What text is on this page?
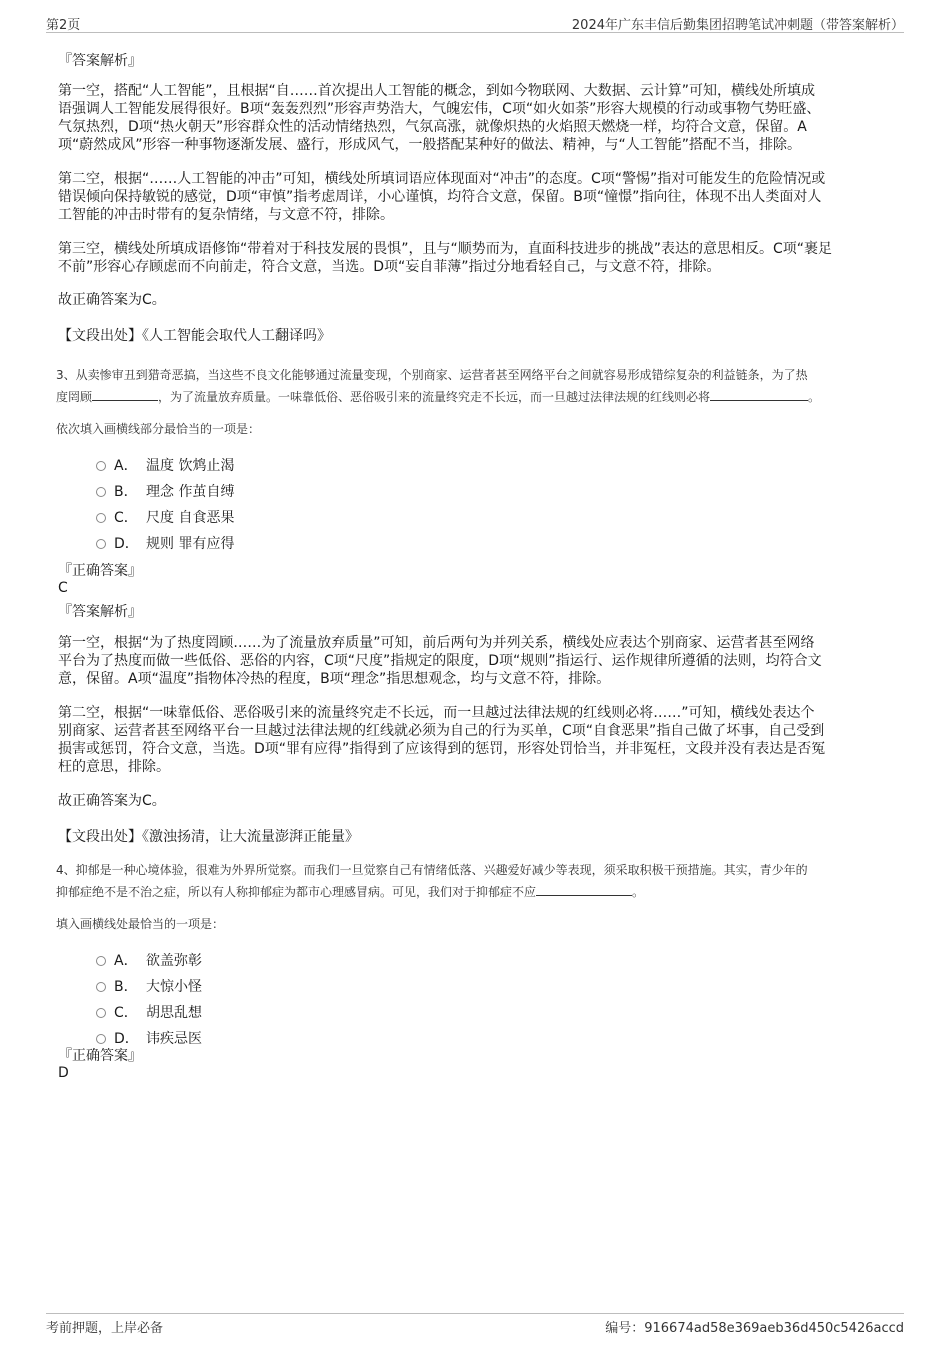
第2页	2024年广东丰信后勤集团招聘笔试冲刺题（带答案解析）
『答案解析』
第一空，搭配“人工智能”，且根据“自……首次提出人工智能的概念，到如今物联网、大数据、云计算”可知，横线处所填成
语强调人工智能发展得很好。B项“轰轰烈烈”形容声势浩大，气魄宏伟，C项“如火如荼”形容大规模的行动或事物气势旺盛、
气氛热烈，D项“热火朝天”形容群众性的活动情绪热烈，气氛高涨，就像炽热的火焰照天燃烧一样，均符合文意，保留。A
项“蔚然成风”形容一种事物逐渐发展、盛行，形成风气，一般搭配某种好的做法、精神，与“人工智能”搭配不当，排除。
第二空，根据“……人工智能的冲击”可知，横线处所填词语应体现面对“冲击”的态度。C项“警惕”指对可能发生的危险情况或
错误倾向保持敏锐的感觉，D项“审慎”指考虑周详，小心谨慎，均符合文意，保留。B项“憧憬”指向往，体现不出人类面对人
工智能的冲击时带有的复杂情绪，与文意不符，排除。
第三空，横线处所填成语修饰“带着对于科技发展的畏惧”，且与“顺势而为，直面科技进步的挑战”表达的意思相反。C项“裹足
不前”形容心存顾虑而不向前走，符合文意，当选。D项“妄自菲薄”指过分地看轻自己，与文意不符，排除。
故正确答案为C。
【文段出处】《人工智能会取代人工翻译吗》
3、从卖惨审丑到猎奇恶搞，当这些不良文化能够通过流量变现，个别商家、运营者甚至网络平台之间就容易形成错综复杂的利益链条，为了热
度罔顾	，为了流量放弃质量。一味靠低俗、恶俗吸引来的流量终究走不长远，而一旦越过法律法规的红线则必将	。
依次填入画横线部分最恰当的一项是：
A． 温度 饮鸩止渴
B． 理念 作茧自缚
C． 尺度 自食恶果
D． 规则 罪有应得
『正确答案』
C
『答案解析』
第一空，根据“为了热度罔顾……为了流量放弃质量”可知，前后两句为并列关系，横线处应表达个别商家、运营者甚至网络
平台为了热度而做一些低俗、恶俗的内容，C项“尺度”指规定的限度，D项“规则”指运行、运作规律所遵循的法则，均符合文
意，保留。A项“温度”指物体冷热的程度，B项“理念”指思想观念，均与文意不符，排除。
第二空，根据“一味靠低俗、恶俗吸引来的流量终究走不长远，而一旦越过法律法规的红线则必将……”可知，横线处表达个
别商家、运营者甚至网络平台一旦越过法律法规的红线就必须为自己的行为买单，C项“自食恶果”指自己做了坏事，自己受到
损害或惩罚，符合文意，当选。D项“罪有应得”指得到了应该得到的惩罚，形容处罚恰当，并非冤枉，文段并没有表达是否冤
枉的意思，排除。
故正确答案为C。
【文段出处】《激浊扬清，让大流量澎湃正能量》
4、抑郁是一种心境体验，很难为外界所觉察。而我们一旦觉察自己有情绪低落、兴趣爱好减少等表现，须采取积极干预措施。其实，青少年的
抑郁症绝不是不治之症，所以有人称抑郁症为都市心理感冒病。可见，我们对于抑郁症不应	。
填入画横线处最恰当的一项是：
A． 欲盖弥彰
B． 大惊小怪
C． 胡思乱想
D． 讳疾忌医
『正确答案』
D
考前押题，上岸必备	编号：916674ad58e369aeb36d450c5426accd
